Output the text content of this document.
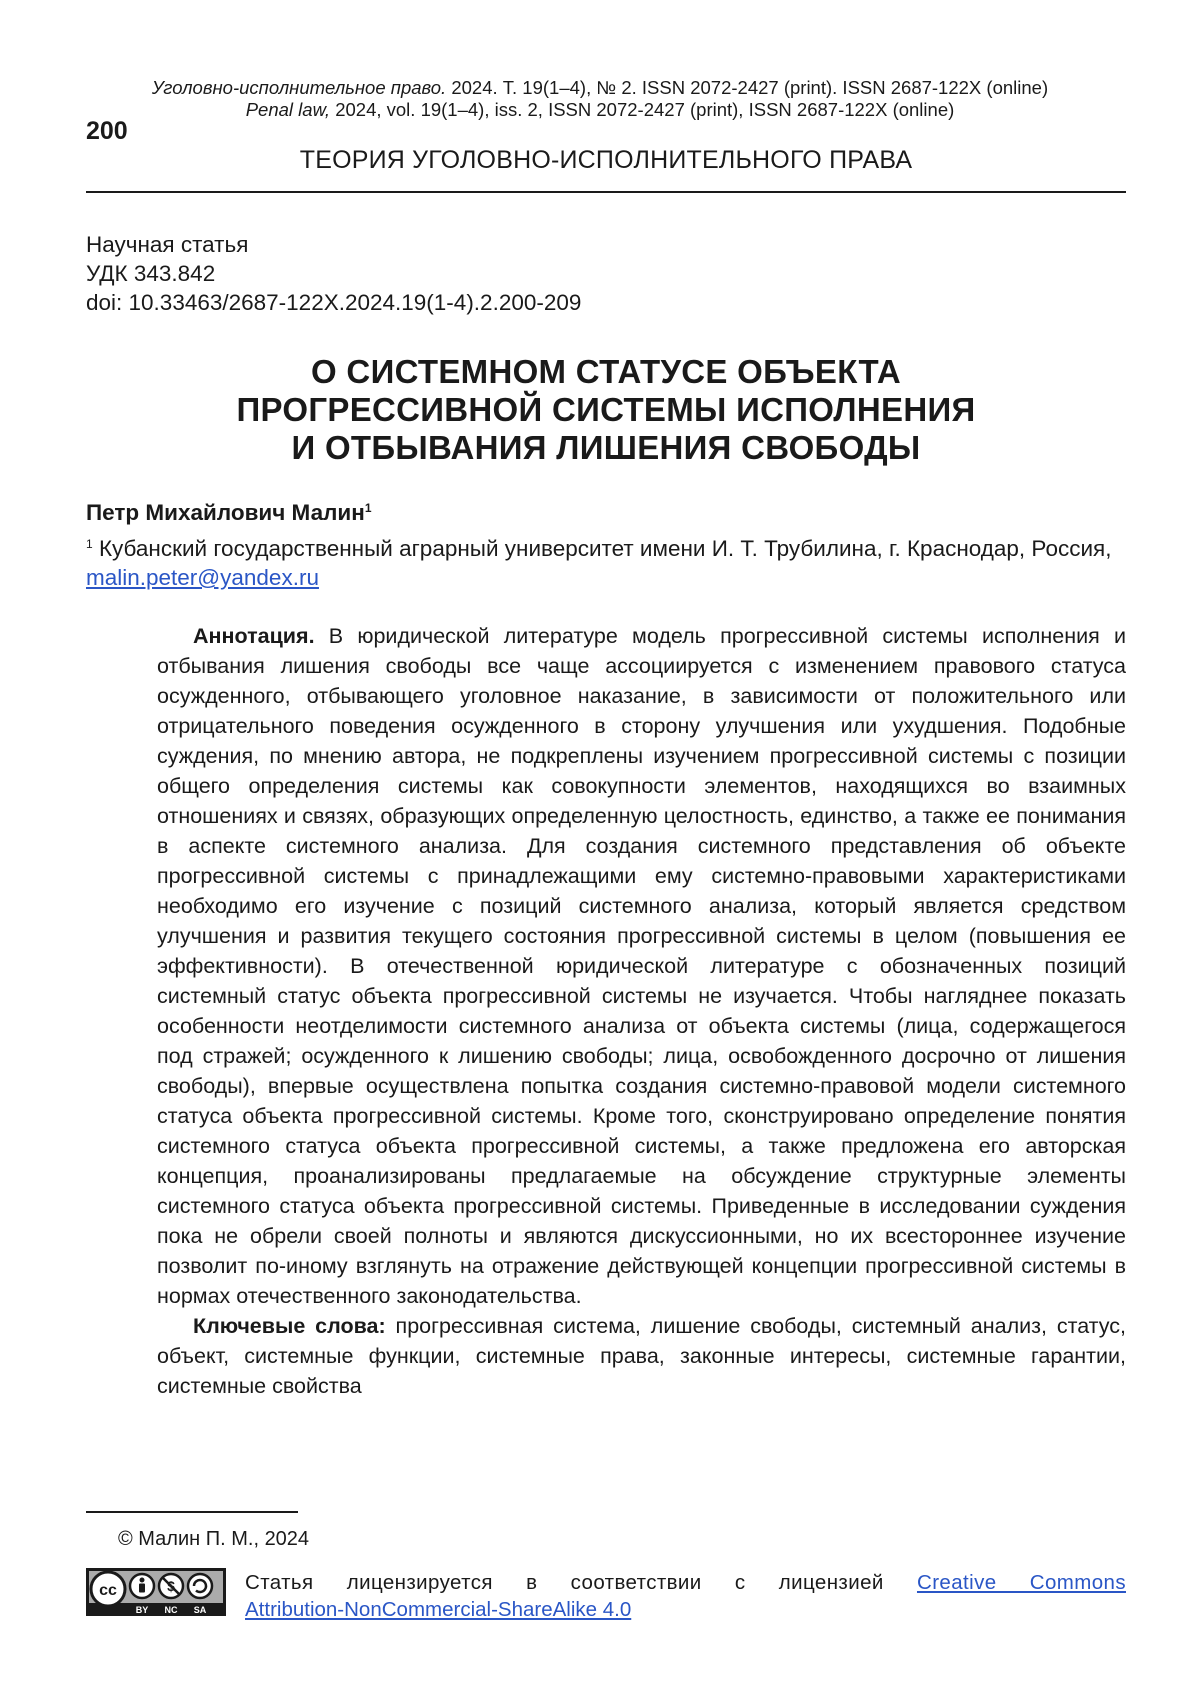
Уголовно-исполнительное право. 2024. Т. 19(1–4), № 2. ISSN 2072-2427 (print). ISSN 2687-122X (online)
Penal law, 2024, vol. 19(1–4), iss. 2, ISSN 2072-2427 (print), ISSN 2687-122X (online)
200
ТЕОРИЯ УГОЛОВНО-ИСПОЛНИТЕЛЬНОГО ПРАВА
Научная статья
УДК 343.842
doi: 10.33463/2687-122X.2024.19(1-4).2.200-209
О СИСТЕМНОМ СТАТУСЕ ОБЪЕКТА
ПРОГРЕССИВНОЙ СИСТЕМЫ ИСПОЛНЕНИЯ
И ОТБЫВАНИЯ ЛИШЕНИЯ СВОБОДЫ
Петр Михайлович Малин1
1 Кубанский государственный аграрный университет имени И. Т. Трубилина, г. Краснодар, Россия, malin.peter@yandex.ru

Аннотация. В юридической литературе модель прогрессивной системы исполнения и отбывания лишения свободы все чаще ассоциируется с изменением правового статуса осужденного, отбывающего уголовное наказание, в зависимости от положительного или отрицательного поведения осужденного в сторону улучшения или ухудшения. Подобные суждения, по мнению автора, не подкреплены изучением прогрессивной системы с позиции общего определения системы как совокупности элементов, находящихся во взаимных отношениях и связях, образующих определенную целостность, единство, а также ее понимания в аспекте системного анализа. Для создания системного представления об объекте прогрессивной системы с принадлежащими ему системно-правовыми характеристиками необходимо его изучение с позиций системного анализа, который является средством улучшения и развития текущего состояния прогрессивной системы в целом (повышения ее эффективности). В отечественной юридической литературе с обозначенных позиций системный статус объекта прогрессивной системы не изучается. Чтобы нагляднее показать особенности неотделимости системного анализа от объекта системы (лица, содержащегося под стражей; осужденного к лишению свободы; лица, освобожденного досрочно от лишения свободы), впервые осуществлена попытка создания системно-правовой модели системного статуса объекта прогрессивной системы. Кроме того, сконструировано определение понятия системного статуса объекта прогрессивной системы, а также предложена его авторская концепция, проанализированы предлагаемые на обсуждение структурные элементы системного статуса объекта прогрессивной системы. Приведенные в исследовании суждения пока не обрели своей полноты и являются дискуссионными, но их всестороннее изучение позволит по-иному взглянуть на отражение действующей концепции прогрессивной системы в нормах отечественного законодательства.

Ключевые слова: прогрессивная система, лишение свободы, системный анализ, статус, объект, системные функции, системные права, законные интересы, системные гарантии, системные свойства

© Малин П. М., 2024
cc
BY NC SA
Статья лицензируется в соответствии с лицензией Creative Commons
Attribution-NonCommercial-ShareAlike 4.0
